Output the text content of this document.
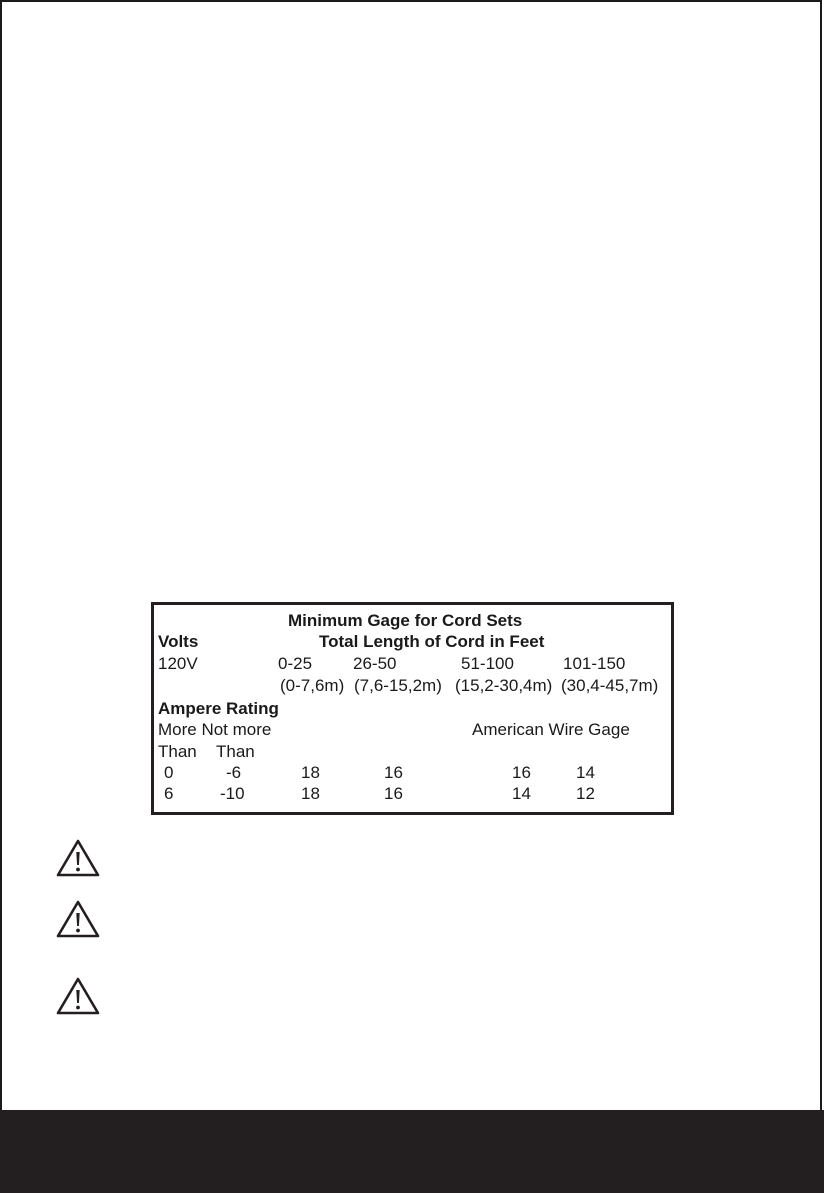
Minimum Gage for Cord Sets
Volts	Total Length of Cord in Feet
120V	0-25 26-50	51-100	101-150
(0-7,6m) (7,6-15,2m) (15,2-30,4m) (30,4-45,7m)
Ampere Rating
More Not more	American Wire Gage
Than Than
0	-6	18	16	16	14
6	-10	18	16	14	12
